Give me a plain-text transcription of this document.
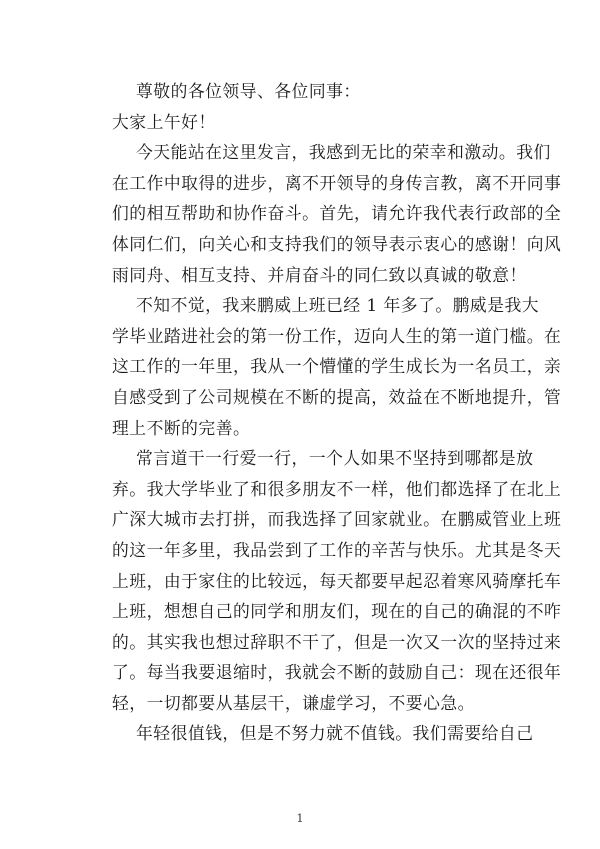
尊敬的各位领导、各位同事：
大家上午好！
今天能站在这里发言，我感到无比的荣幸和激动。我们
在工作中取得的进步，离不开领导的身传言教，离不开同事
们的相互帮助和协作奋斗。首先，请允许我代表行政部的全
体同仁们，向关心和支持我们的领导表示衷心的感谢！向风
雨同舟、相互支持、并肩奋斗的同仁致以真诚的敬意！
不知不觉，我来鹏威上班已经 1 年多了。鹏威是我大
学毕业踏进社会的第一份工作，迈向人生的第一道门槛。在
这工作的一年里，我从一个懵懂的学生成长为一名员工，亲
自感受到了公司规模在不断的提高，效益在不断地提升，管
理上不断的完善。
常言道干一行爱一行，一个人如果不坚持到哪都是放
弃。我大学毕业了和很多朋友不一样，他们都选择了在北上
广深大城市去打拼，而我选择了回家就业。在鹏威管业上班
的这一年多里，我品尝到了工作的辛苦与快乐。尤其是冬天
上班，由于家住的比较远，每天都要早起忍着寒风骑摩托车
上班，想想自己的同学和朋友们，现在的自己的确混的不咋
的。其实我也想过辞职不干了，但是一次又一次的坚持过来
了。每当我要退缩时，我就会不断的鼓励自己：现在还很年
轻，一切都要从基层干，谦虚学习，不要心急。
年轻很值钱，但是不努力就不值钱。我们需要给自己
1
